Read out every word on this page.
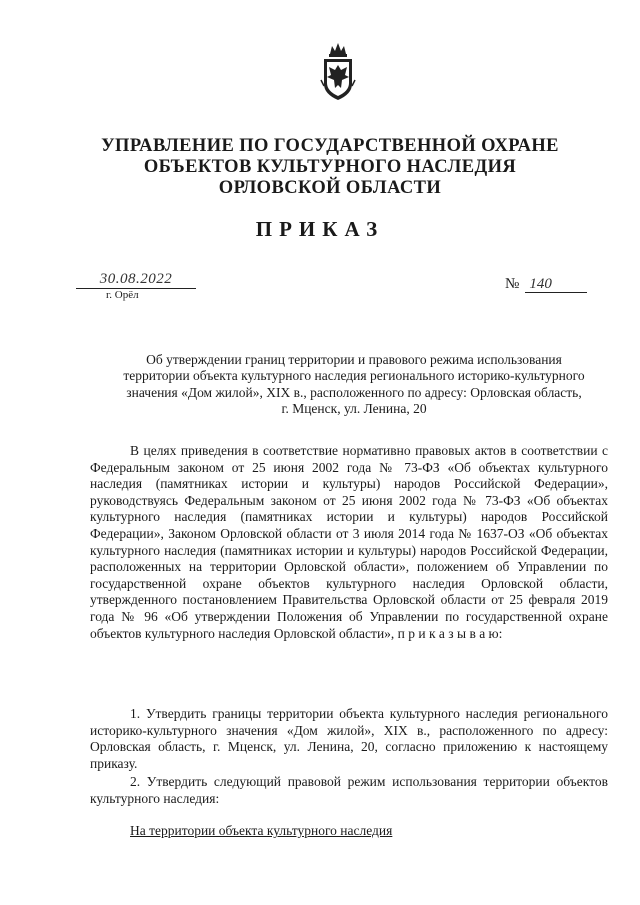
УПРАВЛЕНИЕ ПО ГОСУДАРСТВЕННОЙ ОХРАНЕ
ОБЪЕКТОВ КУЛЬТУРНОГО НАСЛЕДИЯ
ОРЛОВСКОЙ ОБЛАСТИ
ПРИКАЗ
30.08.2022
г. Орёл
№ 140
Об утверждении границ территории и правового режима использования
территории объекта культурного наследия регионального историко-культурного
значения «Дом жилой», XIX в., расположенного по адресу: Орловская область,
г. Мценск, ул. Ленина, 20

В целях приведения в соответствие нормативно правовых актов в соответствии с Федеральным законом от 25 июня 2002 года № 73-ФЗ «Об объектах культурного наследия (памятниках истории и культуры) народов Российской Федерации», руководствуясь Федеральным законом от 25 июня 2002 года № 73-ФЗ «Об объектах культурного наследия (памятниках истории и культуры) народов Российской Федерации», Законом Орловской области от 3 июля 2014 года № 1637-ОЗ «Об объектах культурного наследия (памятниках истории и культуры) народов Российской Федерации, расположенных на территории Орловской области», положением об Управлении по государственной охране объектов культурного наследия Орловской области, утвержденного постановлением Правительства Орловской области от 25 февраля 2019 года № 96 «Об утверждении Положения об Управлении по государственной охране объектов культурного наследия Орловской области», п р и к а з ы в а ю:

1. Утвердить границы территории объекта культурного наследия регионального историко-культурного значения «Дом жилой», XIX в., расположенного по адресу: Орловская область, г. Мценск, ул. Ленина, 20, согласно приложению к настоящему приказу.

2. Утвердить следующий правовой режим использования территории объектов культурного наследия:

На территории объекта культурного наследия
